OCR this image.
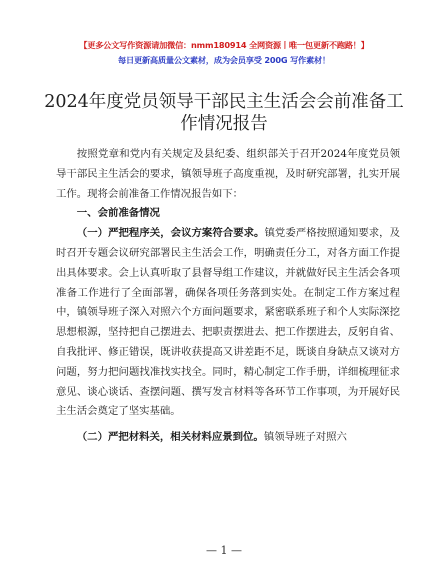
【更多公文写作资源请加微信：nmm180914 全网资源丨唯一包更新不跑路！】
每日更新高质量公文素材，成为会员享受 200G 写作素材！
2024年度党员领导干部民主生活会会前准备工作情况报告

按照党章和党内有关规定及县纪委、组织部关于召开2024年度党员领导干部民主生活会的要求，镇领导班子高度重视，及时研究部署，扎实开展工作。现将会前准备工作情况报告如下：

一、会前准备情况

（一）严把程序关，会议方案符合要求。镇党委严格按照通知要求，及时召开专题会议研究部署民主生活会工作，明确责任分工，对各方面工作提出具体要求。会上认真听取了县督导组工作建议，并就做好民主生活会各项准备工作进行了全面部署，确保各项任务落到实处。在制定工作方案过程中，镇领导班子深入对照六个方面问题要求，紧密联系班子和个人实际深挖思想根源，坚持把自己摆进去、把职责摆进去、把工作摆进去，反躬自省、自我批评、修正错误，既讲收获提高又讲差距不足，既谈自身缺点又谈对方问题，努力把问题找准找实找全。同时，精心制定工作手册，详细梳理征求意见、谈心谈话、查摆问题、撰写发言材料等各环节工作事项，为开展好民主生活会奠定了坚实基础。

（二）严把材料关，相关材料应景到位。镇领导班子对照六

— 1 —
